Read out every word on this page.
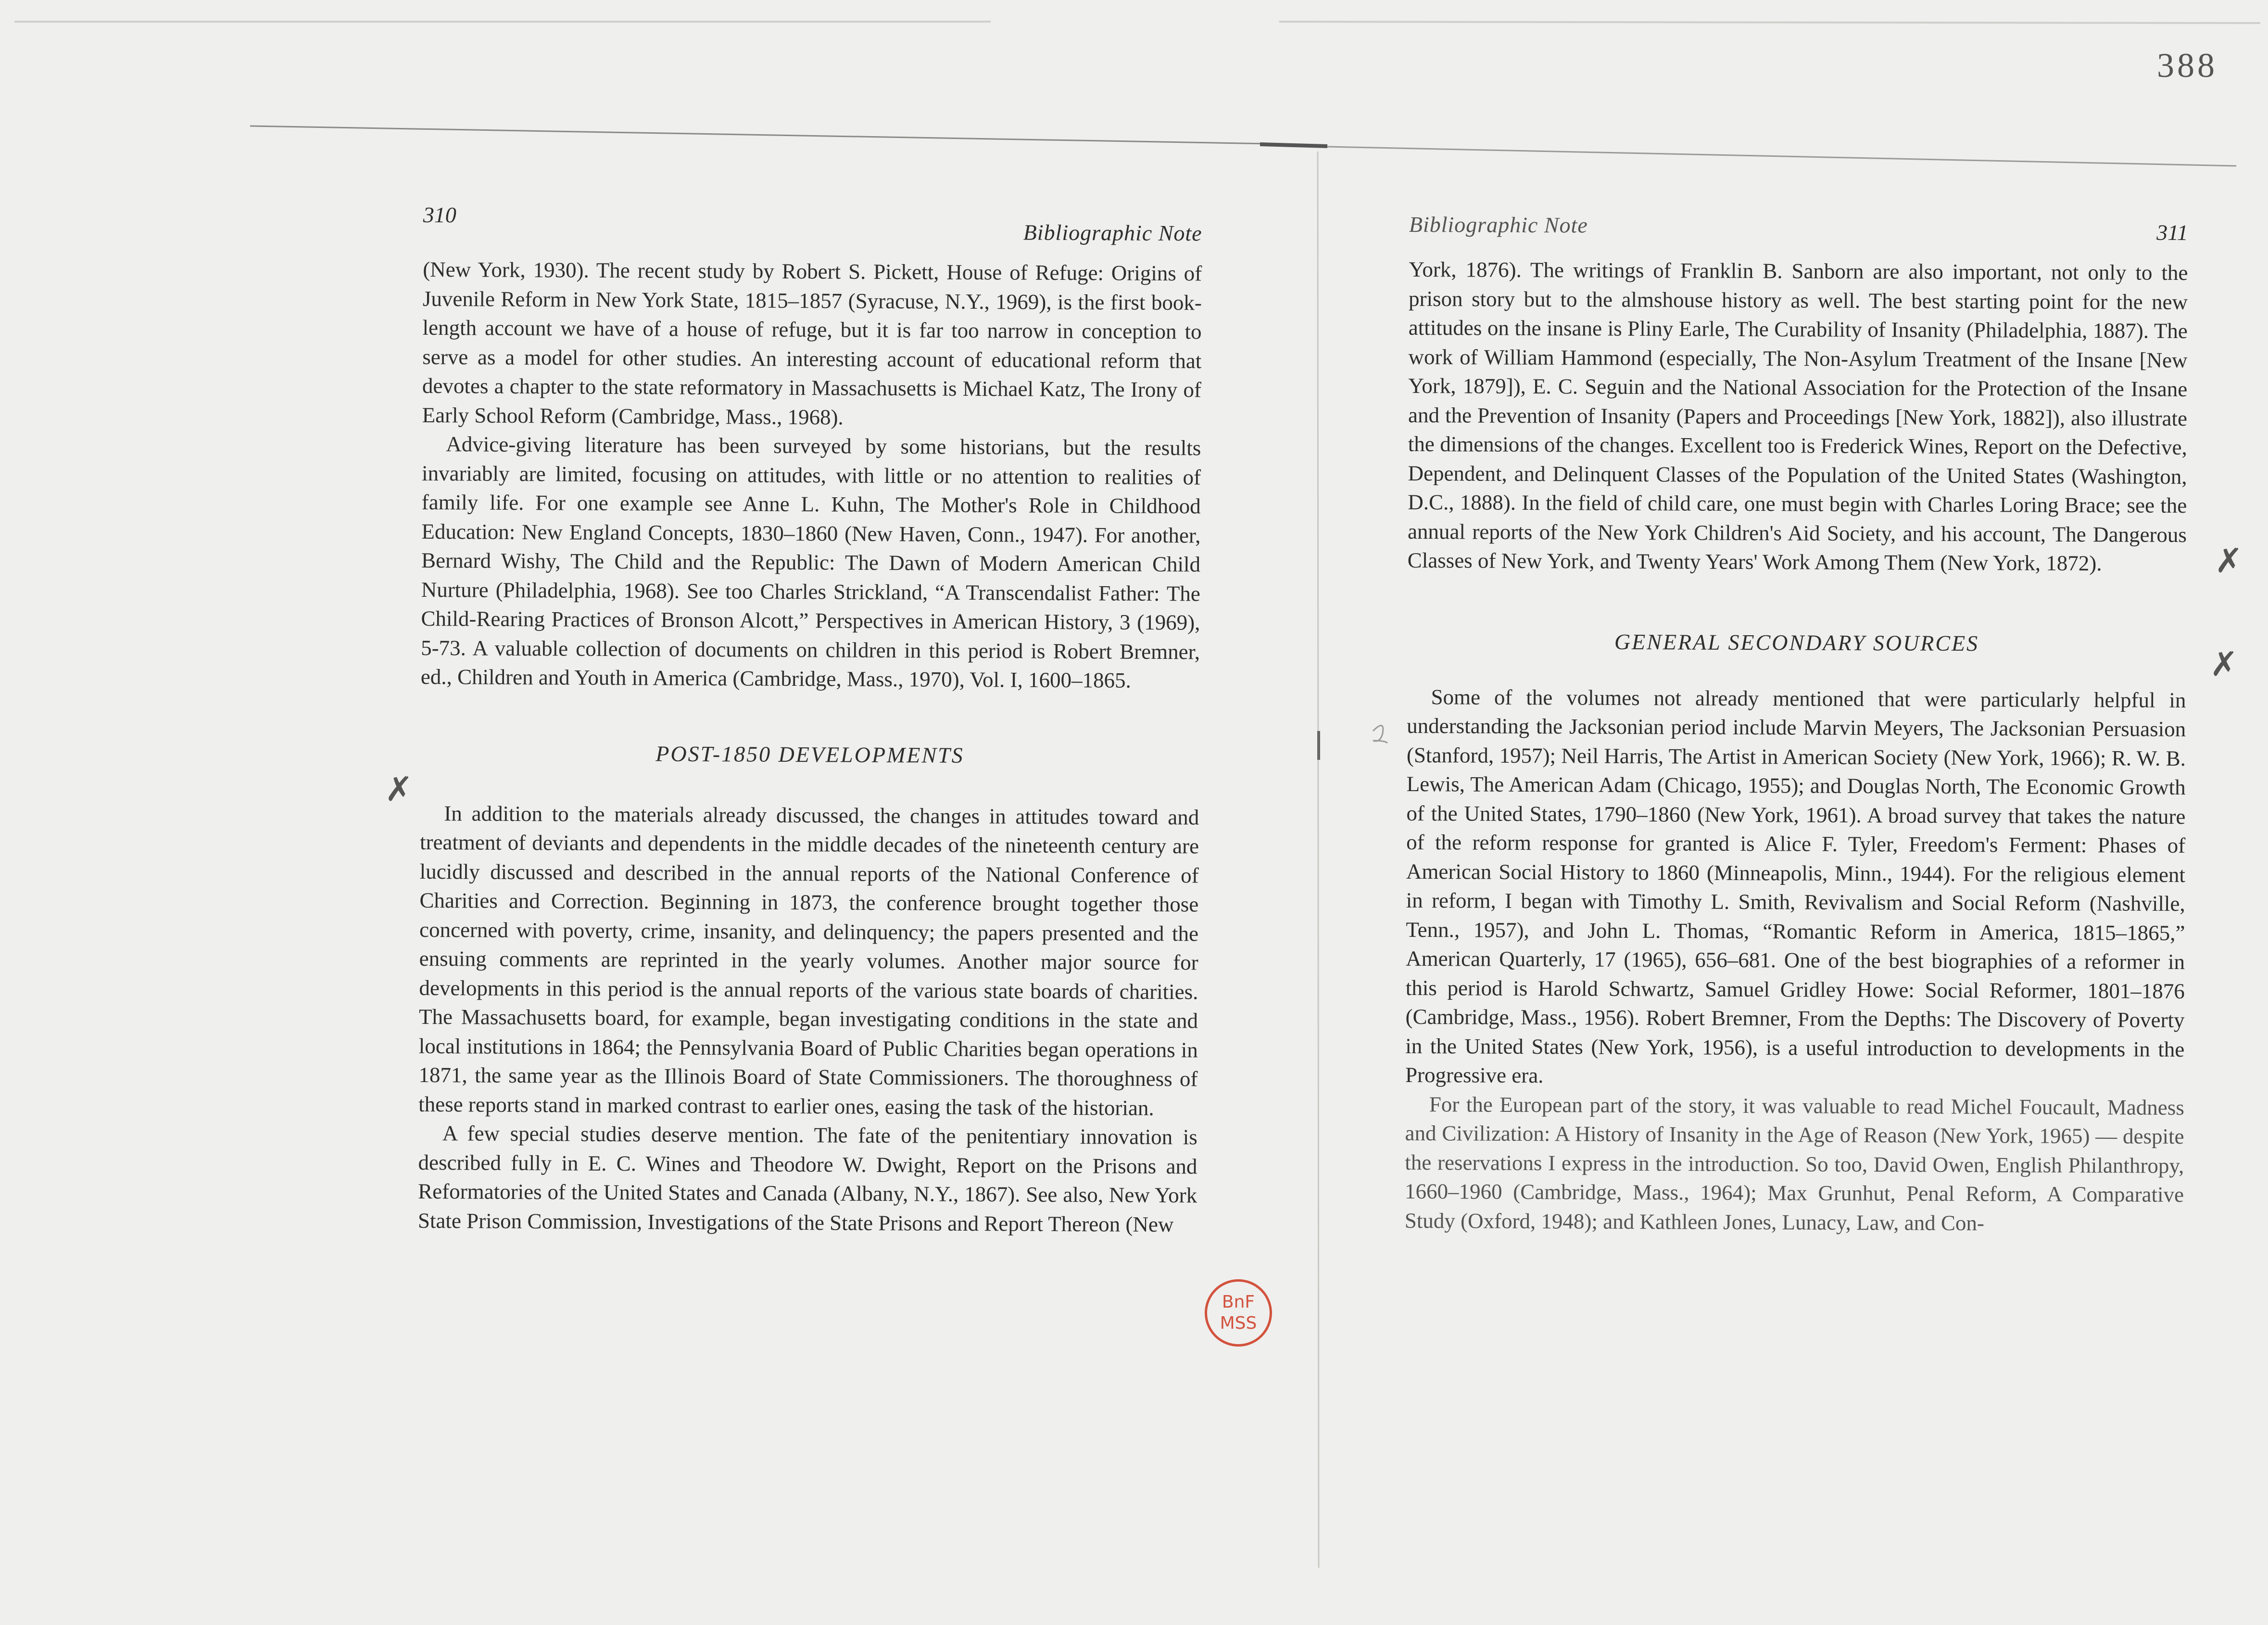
388
310
Bibliographic Note

(New York, 1930). The recent study by Robert S. Pickett, House of Refuge: Origins of Juvenile Reform in New York State, 1815–1857 (Syracuse, N.Y., 1969), is the first book-length account we have of a house of refuge, but it is far too narrow in conception to serve as a model for other studies. An interesting account of educational reform that devotes a chapter to the state reformatory in Massachusetts is Michael Katz, The Irony of Early School Reform (Cambridge, Mass., 1968).

Advice-giving literature has been surveyed by some historians, but the results invariably are limited, focusing on attitudes, with little or no attention to realities of family life. For one example see Anne L. Kuhn, The Mother's Role in Childhood Education: New England Concepts, 1830–1860 (New Haven, Conn., 1947). For another, Bernard Wishy, The Child and the Republic: The Dawn of Modern American Child Nurture (Philadelphia, 1968). See too Charles Strickland, “A Transcendalist Father: The Child-Rearing Practices of Bronson Alcott,” Perspectives in American History, 3 (1969), 5-73. A valuable collection of documents on children in this period is Robert Bremner, ed., Children and Youth in America (Cambridge, Mass., 1970), Vol. I, 1600–1865.

POST-1850 DEVELOPMENTS

In addition to the materials already discussed, the changes in attitudes toward and treatment of deviants and dependents in the middle decades of the nineteenth century are lucidly discussed and described in the annual reports of the National Conference of Charities and Correction. Beginning in 1873, the conference brought together those concerned with poverty, crime, insanity, and delinquency; the papers presented and the ensuing comments are reprinted in the yearly volumes. Another major source for developments in this period is the annual reports of the various state boards of charities. The Massachusetts board, for example, began investigating conditions in the state and local institutions in 1864; the Pennsylvania Board of Public Charities began operations in 1871, the same year as the Illinois Board of State Commissioners. The thoroughness of these reports stand in marked contrast to earlier ones, easing the task of the historian.

A few special studies deserve mention. The fate of the penitentiary innovation is described fully in E. C. Wines and Theodore W. Dwight, Report on the Prisons and Reformatories of the United States and Canada (Albany, N.Y., 1867). See also, New York State Prison Commission, Investigations of the State Prisons and Report Thereon (New

Bibliographic Note	311

York, 1876). The writings of Franklin B. Sanborn are also important, not only to the prison story but to the almshouse history as well. The best starting point for the new attitudes on the insane is Pliny Earle, The Curability of Insanity (Philadelphia, 1887). The work of William Hammond (especially, The Non-Asylum Treatment of the Insane [New York, 1879]), E. C. Seguin and the National Association for the Protection of the Insane and the Prevention of Insanity (Papers and Proceedings [New York, 1882]), also illustrate the dimensions of the changes. Excellent too is Frederick Wines, Report on the Defective, Dependent, and Delinquent Classes of the Population of the United States (Washington, D.C., 1888). In the field of child care, one must begin with Charles Loring Brace; see the annual reports of the New York Children's Aid Society, and his account, The Dangerous Classes of New York, and Twenty Years' Work Among Them (New York, 1872).

GENERAL SECONDARY SOURCES

Some of the volumes not already mentioned that were particularly helpful in understanding the Jacksonian period include Marvin Meyers, The Jacksonian Persuasion (Stanford, 1957); Neil Harris, The Artist in American Society (New York, 1966); R. W. B. Lewis, The American Adam (Chicago, 1955); and Douglas North, The Economic Growth of the United States, 1790–1860 (New York, 1961). A broad survey that takes the nature of the reform response for granted is Alice F. Tyler, Freedom's Ferment: Phases of American Social History to 1860 (Minneapolis, Minn., 1944). For the religious element in reform, I began with Timothy L. Smith, Revivalism and Social Reform (Nashville, Tenn., 1957), and John L. Thomas, “Romantic Reform in America, 1815–1865,” American Quarterly, 17 (1965), 656–681. One of the best biographies of a reformer in this period is Harold Schwartz, Samuel Gridley Howe: Social Reformer, 1801–1876 (Cambridge, Mass., 1956). Robert Bremner, From the Depths: The Discovery of Poverty in the United States (New York, 1956), is a useful introduction to developments in the Progressive era.

For the European part of the story, it was valuable to read Michel Foucault, Madness and Civilization: A History of Insanity in the Age of Reason (New York, 1965) — despite the reservations I express in the introduction. So too, David Owen, English Philanthropy, 1660–1960 (Cambridge, Mass., 1964); Max Grunhut, Penal Reform, A Comparative Study (Oxford, 1948); and Kathleen Jones, Lunacy, Law, and Con-

BnF
MSS
✗
✗
✗
